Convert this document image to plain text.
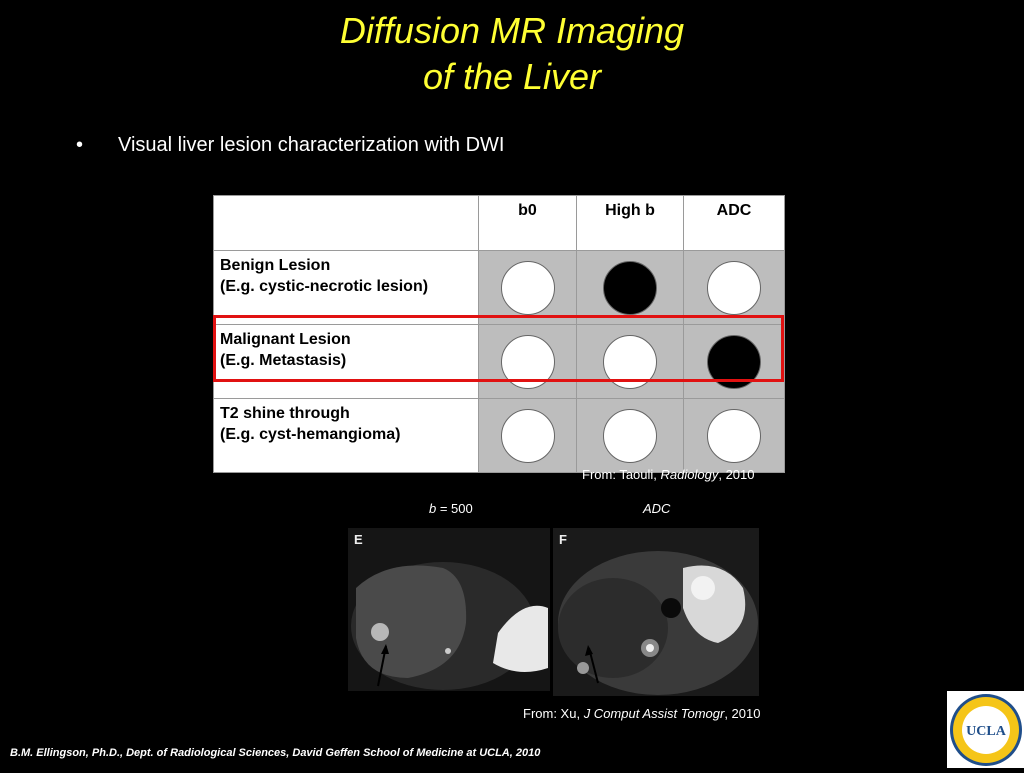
Diffusion MR Imaging
of the Liver
• Visual liver lesion characterization with DWI
	b0	High b	ADC

Benign Lesion
(E.g. cystic-necrotic lesion)			

Malignant Lesion
(E.g. Metastasis)			

T2 shine through
(E.g. cyst-hemangioma)			

From: Taouli, Radiology, 2010
b = 500	ADC
E	F
From: Xu, J Comput Assist Tomogr, 2010
B.M. Ellingson, Ph.D., Dept. of Radiological Sciences, David Geffen School of Medicine at UCLA, 2010
UCLA
